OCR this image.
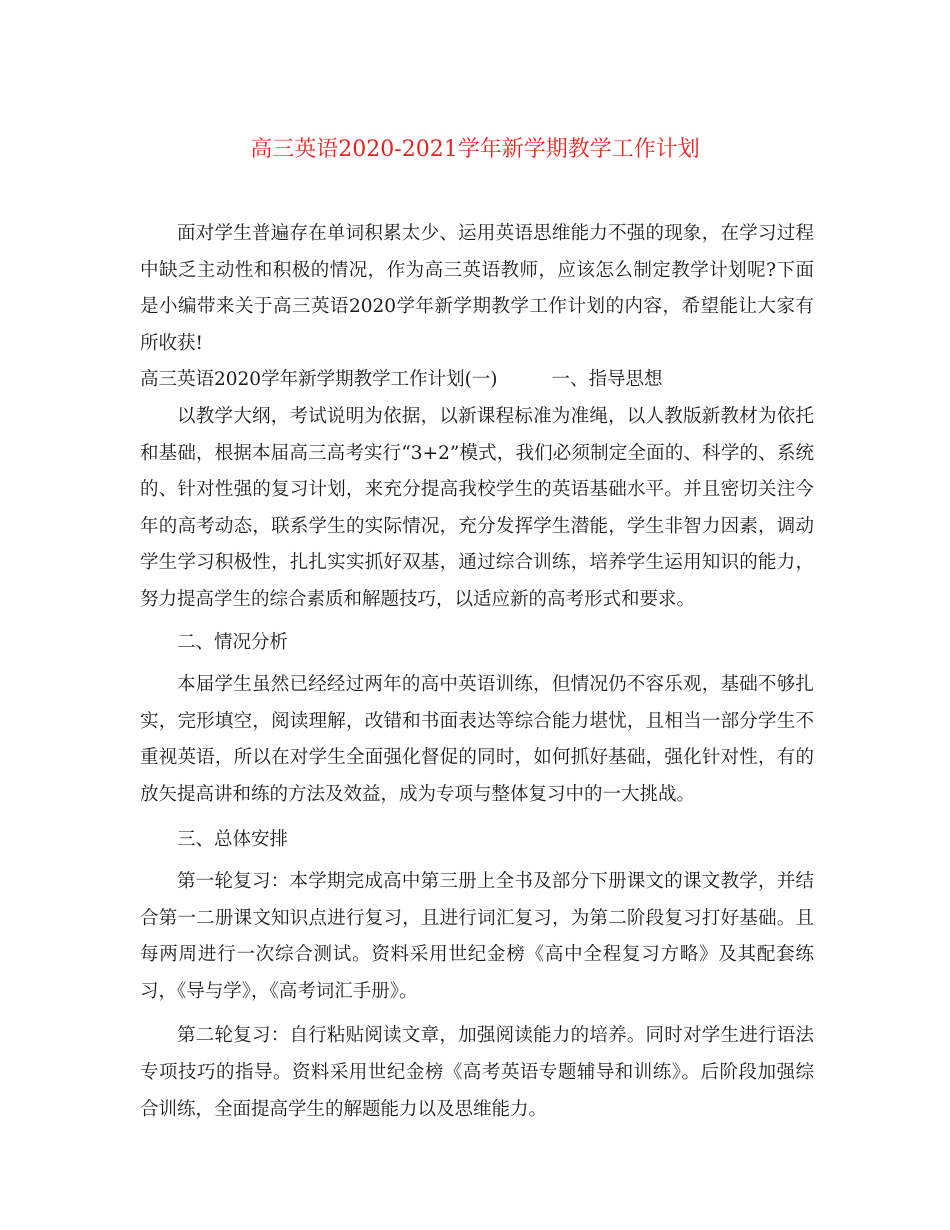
高三英语2020-2021学年新学期教学工作计划

面对学生普遍存在单词积累太少、运用英语思维能力不强的现象，在学习过程中缺乏主动性和积极的情况，作为高三英语教师，应该怎么制定教学计划呢?下面是小编带来关于高三英语2020学年新学期教学工作计划的内容，希望能让大家有所收获!

高三英语2020学年新学期教学工作计划(一)	一、指导思想

以教学大纲，考试说明为依据，以新课程标准为准绳，以人教版新教材为依托和基础，根据本届高三高考实行“3+2”模式，我们必须制定全面的、科学的、系统的、针对性强的复习计划，来充分提高我校学生的英语基础水平。并且密切关注今年的高考动态，联系学生的实际情况，充分发挥学生潜能，学生非智力因素，调动学生学习积极性，扎扎实实抓好双基，通过综合训练，培养学生运用知识的能力，努力提高学生的综合素质和解题技巧，以适应新的高考形式和要求。

二、情况分析

本届学生虽然已经经过两年的高中英语训练，但情况仍不容乐观，基础不够扎实，完形填空，阅读理解，改错和书面表达等综合能力堪忧，且相当一部分学生不重视英语，所以在对学生全面强化督促的同时，如何抓好基础，强化针对性，有的放矢提高讲和练的方法及效益，成为专项与整体复习中的一大挑战。

三、总体安排

第一轮复习：本学期完成高中第三册上全书及部分下册课文的课文教学，并结合第一二册课文知识点进行复习，且进行词汇复习，为第二阶段复习打好基础。且每两周进行一次综合测试。资料采用世纪金榜《高中全程复习方略》及其配套练习，《导与学》，《高考词汇手册》。

第二轮复习：自行粘贴阅读文章，加强阅读能力的培养。同时对学生进行语法专项技巧的指导。资料采用世纪金榜《高考英语专题辅导和训练》。后阶段加强综合训练，全面提高学生的解题能力以及思维能力。
